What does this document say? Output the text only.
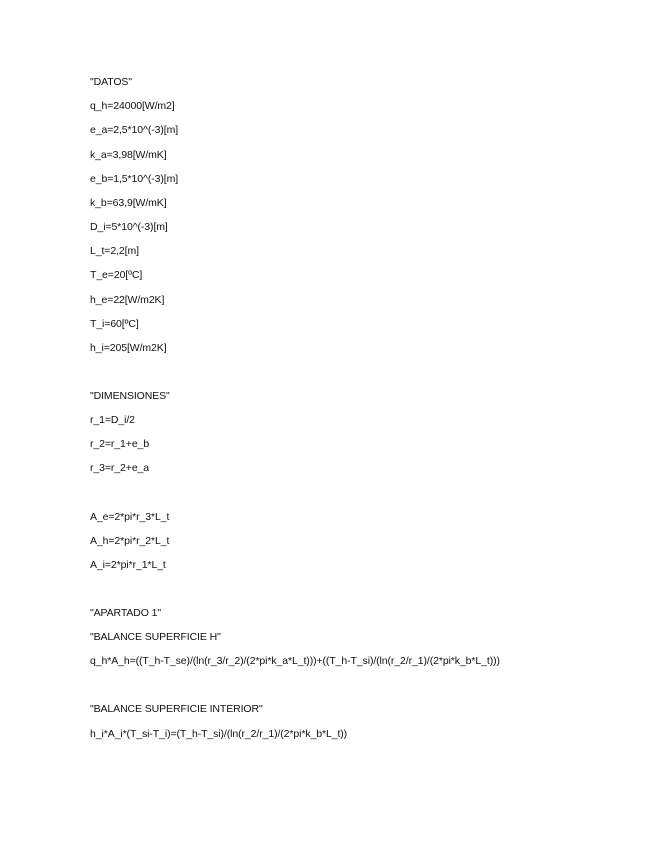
"DATOS"
q_h=24000[W/m2]
e_a=2,5*10^(-3)[m]
k_a=3,98[W/mK]
e_b=1,5*10^(-3)[m]
k_b=63,9[W/mK]
D_i=5*10^(-3)[m]
L_t=2,2[m]
T_e=20[ºC]
h_e=22[W/m2K]
T_i=60[ºC]
h_i=205[W/m2K]
"DIMENSIONES"
r_1=D_i/2
r_2=r_1+e_b
r_3=r_2+e_a
A_e=2*pi*r_3*L_t
A_h=2*pi*r_2*L_t
A_i=2*pi*r_1*L_t
"APARTADO 1"
"BALANCE SUPERFICIE H"
q_h*A_h=((T_h-T_se)/(ln(r_3/r_2)/(2*pi*k_a*L_t)))+((T_h-T_si)/(ln(r_2/r_1)/(2*pi*k_b*L_t)))
"BALANCE SUPERFICIE INTERIOR"
h_i*A_i*(T_si-T_i)=(T_h-T_si)/(ln(r_2/r_1)/(2*pi*k_b*L_t))
